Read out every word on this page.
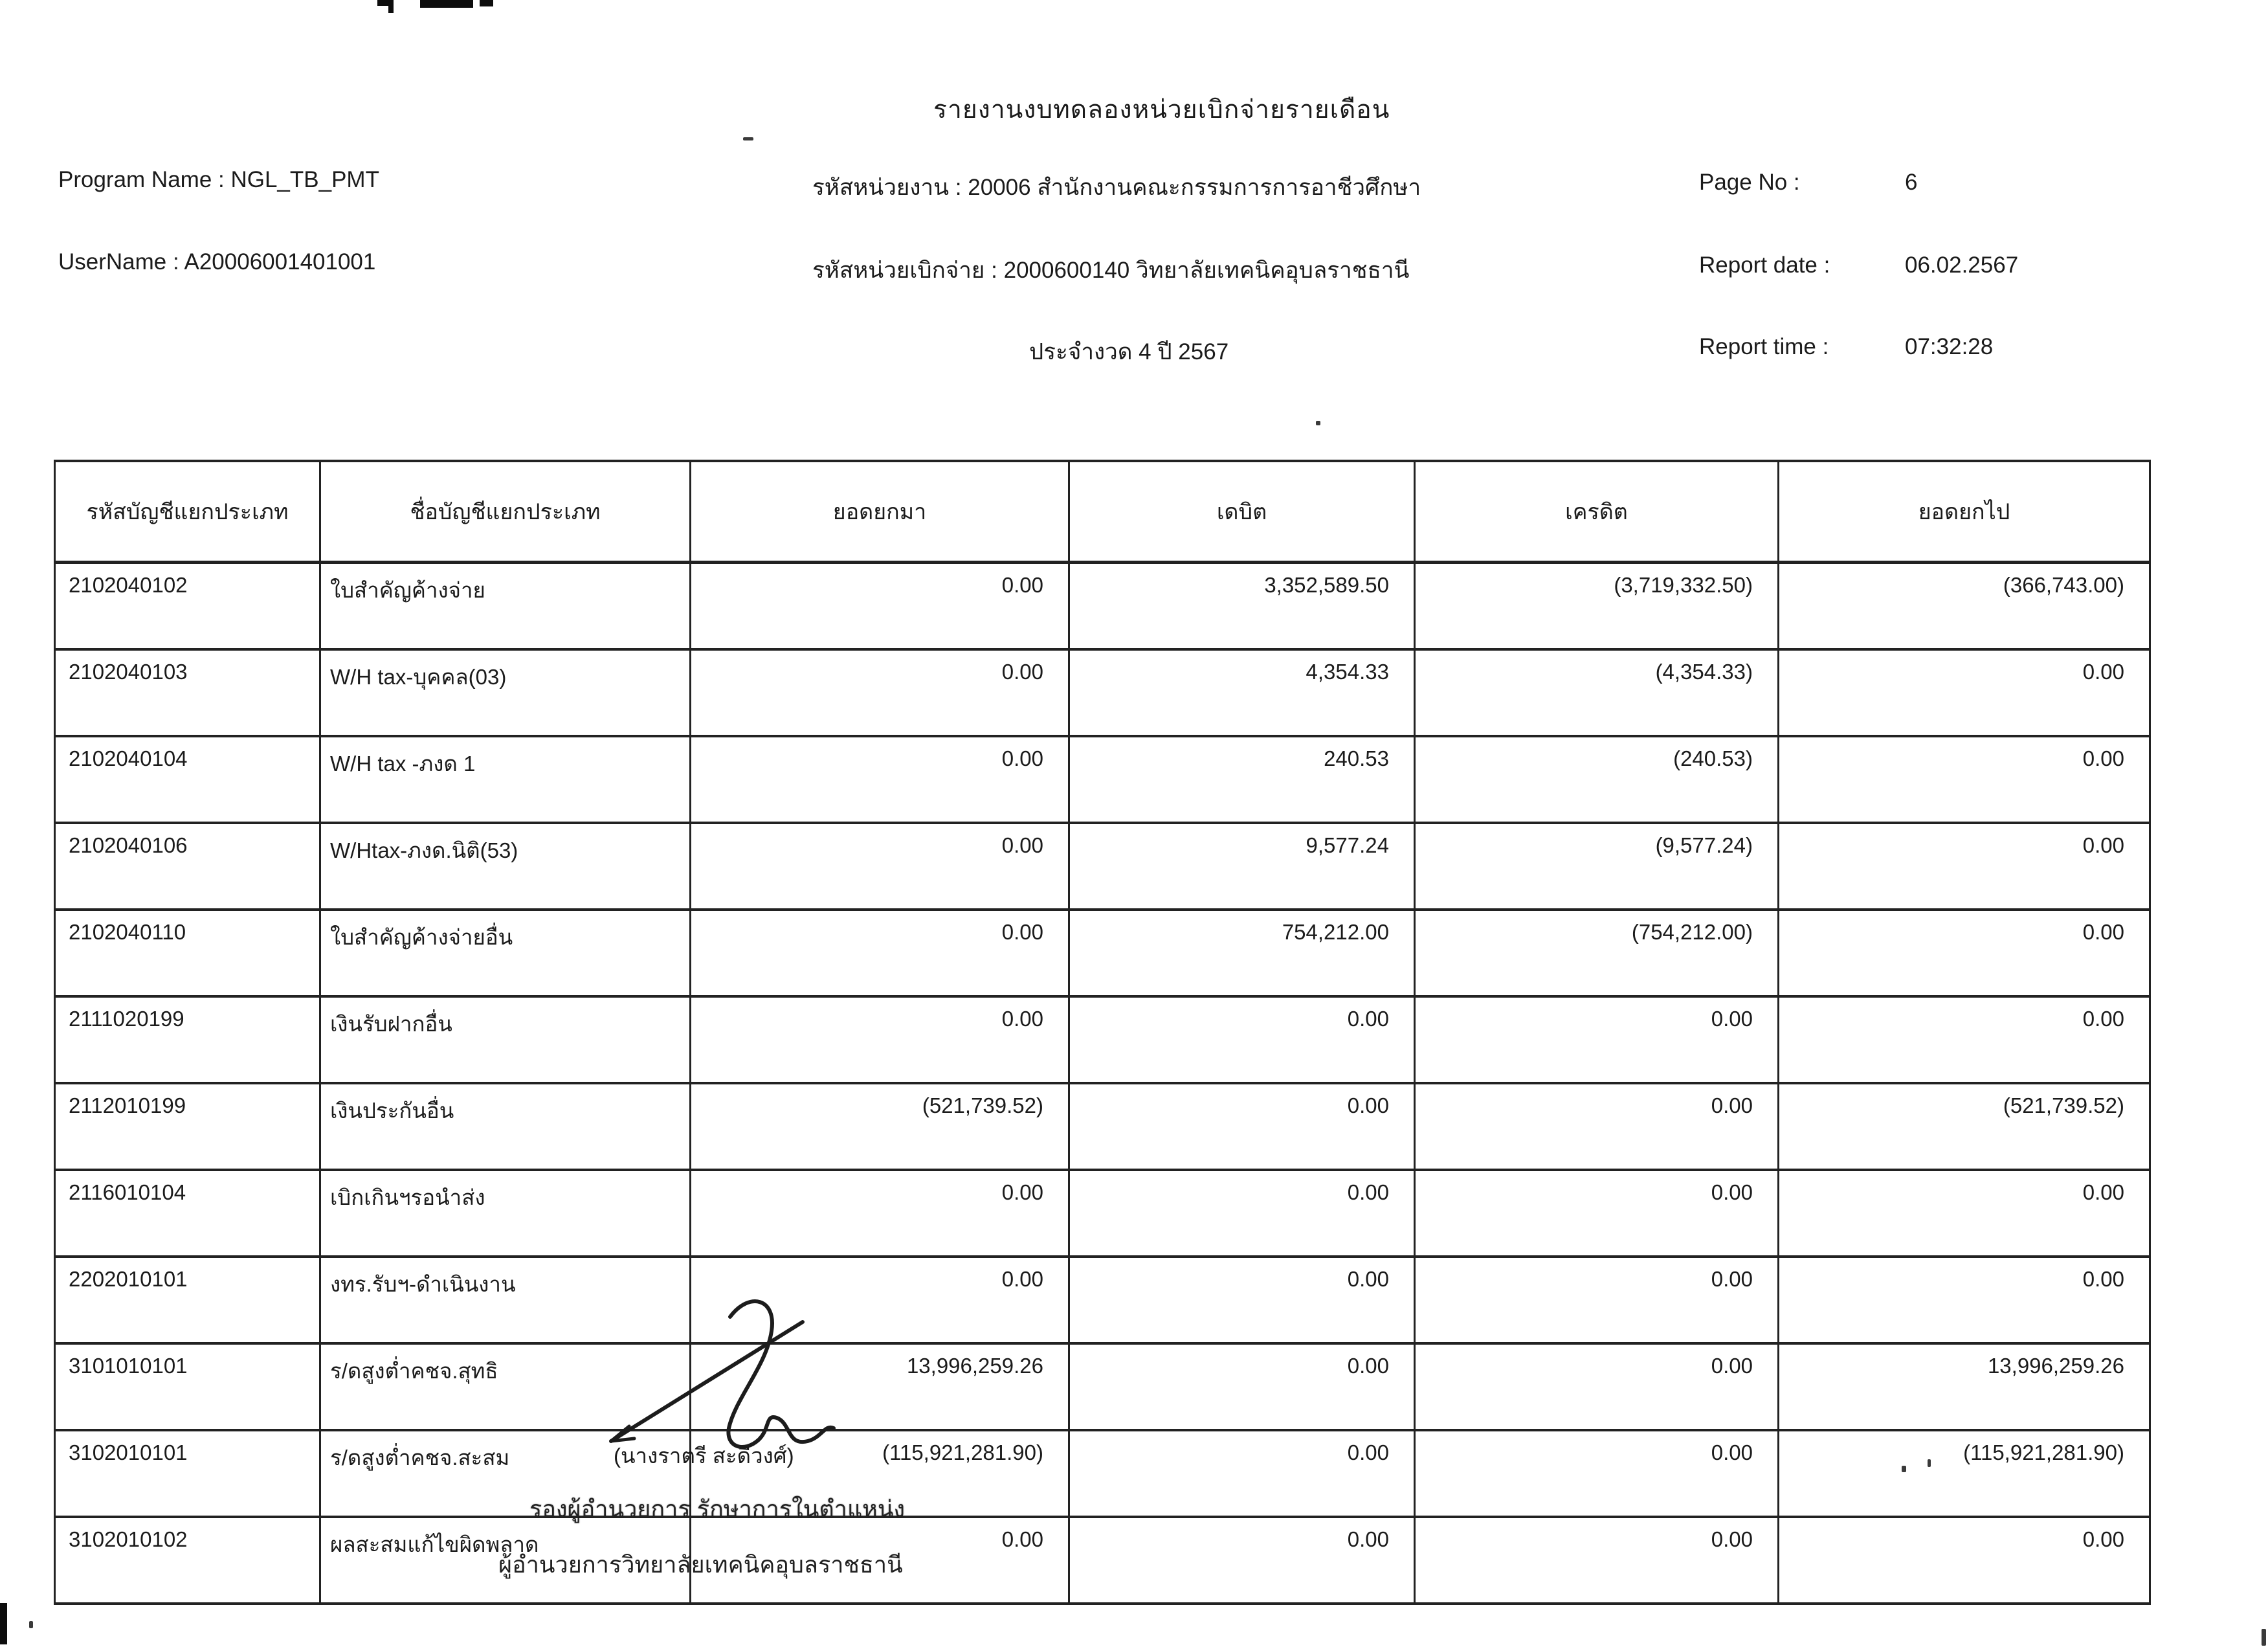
รายงานงบทดลองหน่วยเบิกจ่ายรายเดือน
Program Name : NGL_TB_PMT
UserName : A20006001401001
รหัสหน่วยงาน : 20006 สำนักงานคณะกรรมการการอาชีวศึกษา
รหัสหน่วยเบิกจ่าย : 2000600140 วิทยาลัยเทคนิคอุบลราชธานี
ประจำงวด 4 ปี 2567
Page No :	6
Report date :	06.02.2567
Report time :	07:32:28
รหัสบัญชีแยกประเภท	ชื่อบัญชีแยกประเภท	ยอดยกมา	เดบิต	เครดิต	ยอดยกไป
2102040102	ใบสำคัญค้างจ่าย	0.00	3,352,589.50	(3,719,332.50)	(366,743.00)
2102040103	W/H tax-บุคคล(03)	0.00	4,354.33	(4,354.33)	0.00
2102040104	W/H tax -ภงด 1	0.00	240.53	(240.53)	0.00
2102040106	W/Htax-ภงด.นิติ(53)	0.00	9,577.24	(9,577.24)	0.00
2102040110	ใบสำคัญค้างจ่ายอื่น	0.00	754,212.00	(754,212.00)	0.00
2111020199	เงินรับฝากอื่น	0.00	0.00	0.00	0.00
2112010199	เงินประกันอื่น	(521,739.52)	0.00	0.00	(521,739.52)
2116010104	เบิกเกินฯรอนำส่ง	0.00	0.00	0.00	0.00
2202010101	งทร.รับฯ-ดำเนินงาน	0.00	0.00	0.00	0.00
3101010101	ร/ดสูงต่ำคชจ.สุทธิ	13,996,259.26	0.00	0.00	13,996,259.26
3102010101	ร/ดสูงต่ำคชจ.สะสม	(115,921,281.90)	0.00	0.00	(115,921,281.90)
3102010102	ผลสะสมแก้ไขผิดพลาด	0.00	0.00	0.00	0.00
(นางราตรี สะดีวงศ์)
รองผู้อำนวยการ รักษาการในตำแหน่ง
ผู้อำนวยการวิทยาลัยเทคนิคอุบลราชธานี
